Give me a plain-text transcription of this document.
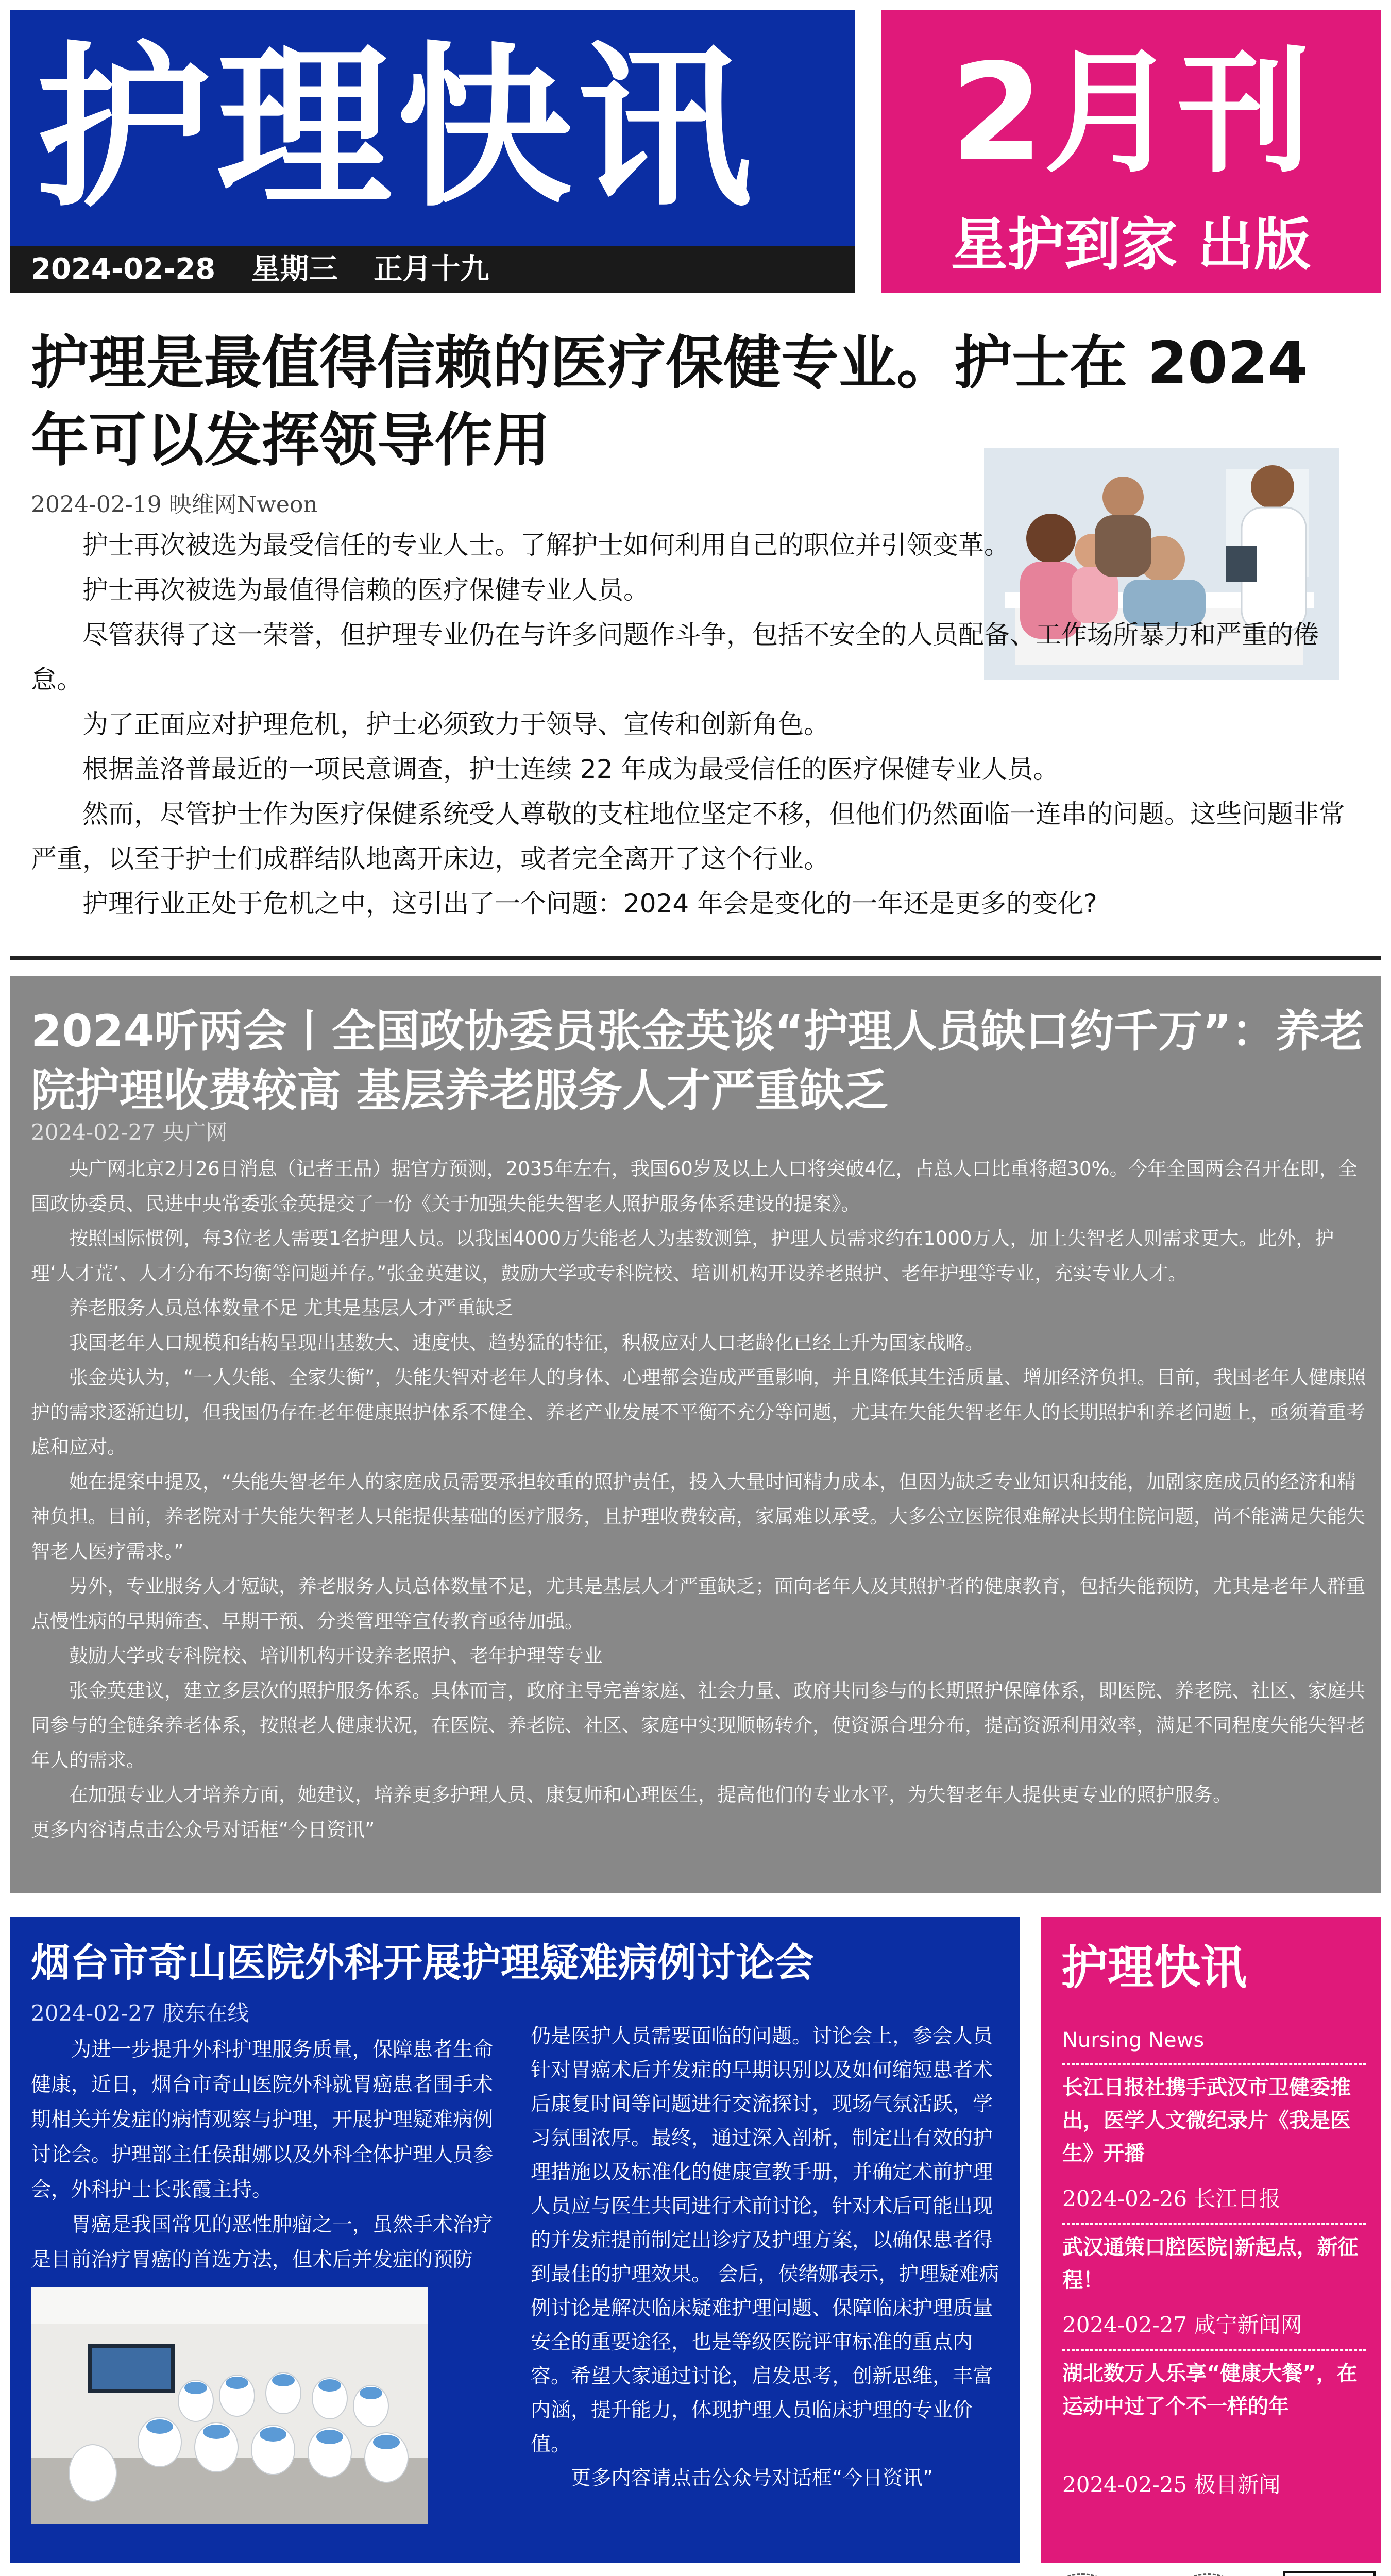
护理快讯
2024-02-28 星期三 正月十九
2月刊
星护到家 出版
护理是最值得信赖的医疗保健专业。护士在 2024 年可以发挥领导作用
2024-02-19 映维网Nweon

护士再次被选为最受信任的专业人士。了解护士如何利用自己的职位并引领变革。

护士再次被选为最值得信赖的医疗保健专业人员。

尽管获得了这一荣誉，但护理专业仍在与许多问题作斗争，包括不安全的人员配备、工作场所暴力和严重的倦怠。

为了正面应对护理危机，护士必须致力于领导、宣传和创新角色。

根据盖洛普最近的一项民意调查，护士连续 22 年成为最受信任的医疗保健专业人员。

然而，尽管护士作为医疗保健系统受人尊敬的支柱地位坚定不移，但他们仍然面临一连串的问题。这些问题非常严重，以至于护士们成群结队地离开床边，或者完全离开了这个行业。

护理行业正处于危机之中，这引出了一个问题：2024 年会是变化的一年还是更多的变化?

2024听两会丨全国政协委员张金英谈“护理人员缺口约千万”：养老院护理收费较高 基层养老服务人才严重缺乏
2024-02-27 央广网

央广网北京2月26日消息（记者王晶）据官方预测，2035年左右，我国60岁及以上人口将突破4亿，占总人口比重将超30%。今年全国两会召开在即，全国政协委员、民进中央常委张金英提交了一份《关于加强失能失智老人照护服务体系建设的提案》。

按照国际惯例，每3位老人需要1名护理人员。以我国4000万失能老人为基数测算，护理人员需求约在1000万人，加上失智老人则需求更大。此外，护理‘人才荒’、人才分布不均衡等问题并存。”张金英建议，鼓励大学或专科院校、培训机构开设养老照护、老年护理等专业，充实专业人才。

养老服务人员总体数量不足 尤其是基层人才严重缺乏

我国老年人口规模和结构呈现出基数大、速度快、趋势猛的特征，积极应对人口老龄化已经上升为国家战略。

张金英认为，“一人失能、全家失衡”，失能失智对老年人的身体、心理都会造成严重影响，并且降低其生活质量、增加经济负担。目前，我国老年人健康照护的需求逐渐迫切，但我国仍存在老年健康照护体系不健全、养老产业发展不平衡不充分等问题，尤其在失能失智老年人的长期照护和养老问题上，亟须着重考虑和应对。

她在提案中提及，“失能失智老年人的家庭成员需要承担较重的照护责任，投入大量时间精力成本，但因为缺乏专业知识和技能，加剧家庭成员的经济和精神负担。目前，养老院对于失能失智老人只能提供基础的医疗服务，且护理收费较高，家属难以承受。大多公立医院很难解决长期住院问题，尚不能满足失能失智老人医疗需求。”

另外，专业服务人才短缺，养老服务人员总体数量不足，尤其是基层人才严重缺乏；面向老年人及其照护者的健康教育，包括失能预防，尤其是老年人群重点慢性病的早期筛查、早期干预、分类管理等宣传教育亟待加强。

鼓励大学或专科院校、培训机构开设养老照护、老年护理等专业

张金英建议，建立多层次的照护服务体系。具体而言，政府主导完善家庭、社会力量、政府共同参与的长期照护保障体系，即医院、养老院、社区、家庭共同参与的全链条养老体系，按照老人健康状况，在医院、养老院、社区、家庭中实现顺畅转介，使资源合理分布，提高资源利用效率，满足不同程度失能失智老年人的需求。

在加强专业人才培养方面，她建议，培养更多护理人员、康复师和心理医生，提高他们的专业水平，为失智老年人提供更专业的照护服务。

更多内容请点击公众号对话框“今日资讯”

烟台市奇山医院外科开展护理疑难病例讨论会
2024-02-27 胶东在线

为进一步提升外科护理服务质量，保障患者生命健康，近日，烟台市奇山医院外科就胃癌患者围手术期相关并发症的病情观察与护理，开展护理疑难病例讨论会。护理部主任侯甜娜以及外科全体护理人员参会，外科护士长张霞主持。

胃癌是我国常见的恶性肿瘤之一，虽然手术治疗是目前治疗胃癌的首选方法，但术后并发症的预防

仍是医护人员需要面临的问题。讨论会上，参会人员针对胃癌术后并发症的早期识别以及如何缩短患者术后康复时间等问题进行交流探讨，现场气氛活跃，学习氛围浓厚。最终，通过深入剖析，制定出有效的护理措施以及标准化的健康宣教手册，并确定术前护理人员应与医生共同进行术前讨论，针对术后可能出现的并发症提前制定出诊疗及护理方案，以确保患者得到最佳的护理效果。 会后，侯绪娜表示，护理疑难病例讨论是解决临床疑难护理问题、保障临床护理质量安全的重要途径，也是等级医院评审标准的重点内容。希望大家通过讨论，启发思考，创新思维，丰富内涵，提升能力，体现护理人员临床护理的专业价值。

更多内容请点击公众号对话框“今日资讯”

护理快讯
Nursing News
长江日报社携手武汉市卫健委推出，医学人文微纪录片《我是医生》开播
2024-02-26 长江日报
武汉通策口腔医院|新起点，新征程！
2024-02-27 咸宁新闻网
湖北数万人乐享“健康大餐”，在运动中过了个不一样的年
2024-02-25 极目新闻
